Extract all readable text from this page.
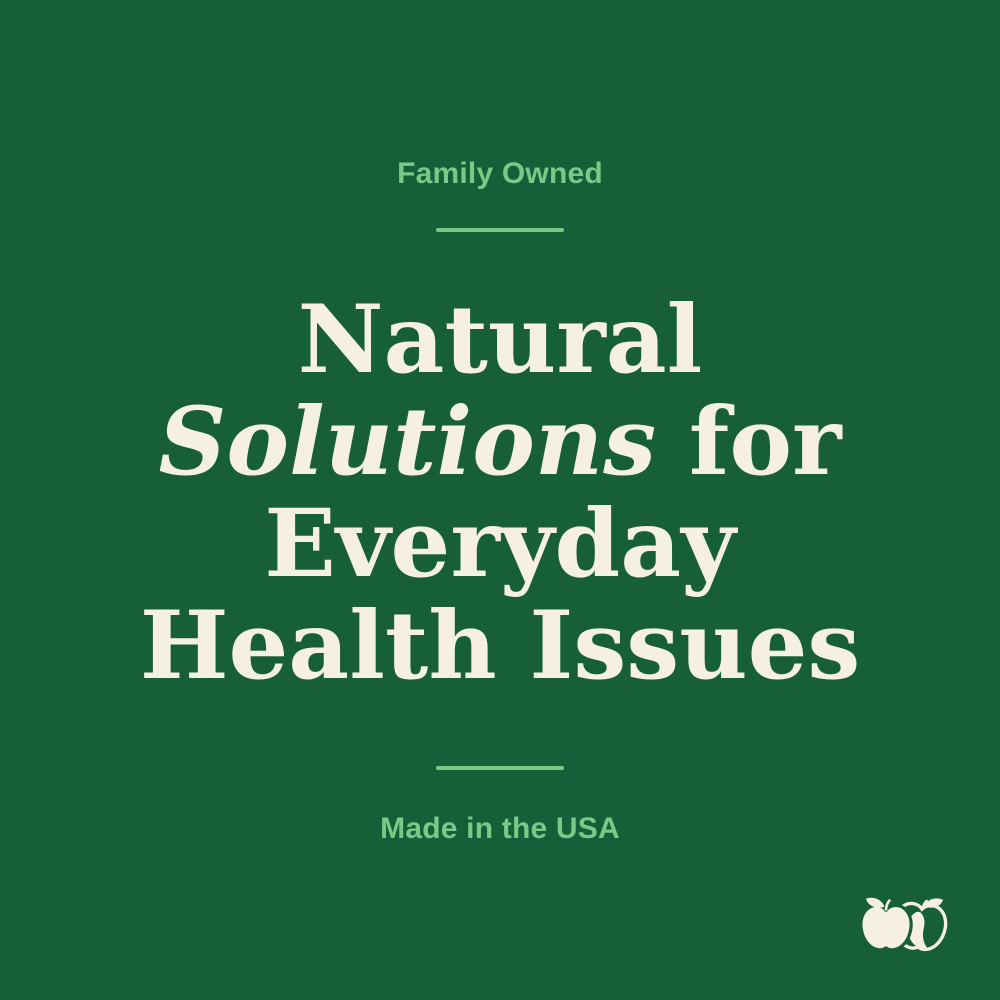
Family Owned
Natural
Solutions for
Everyday
Health Issues
Made in the USA
